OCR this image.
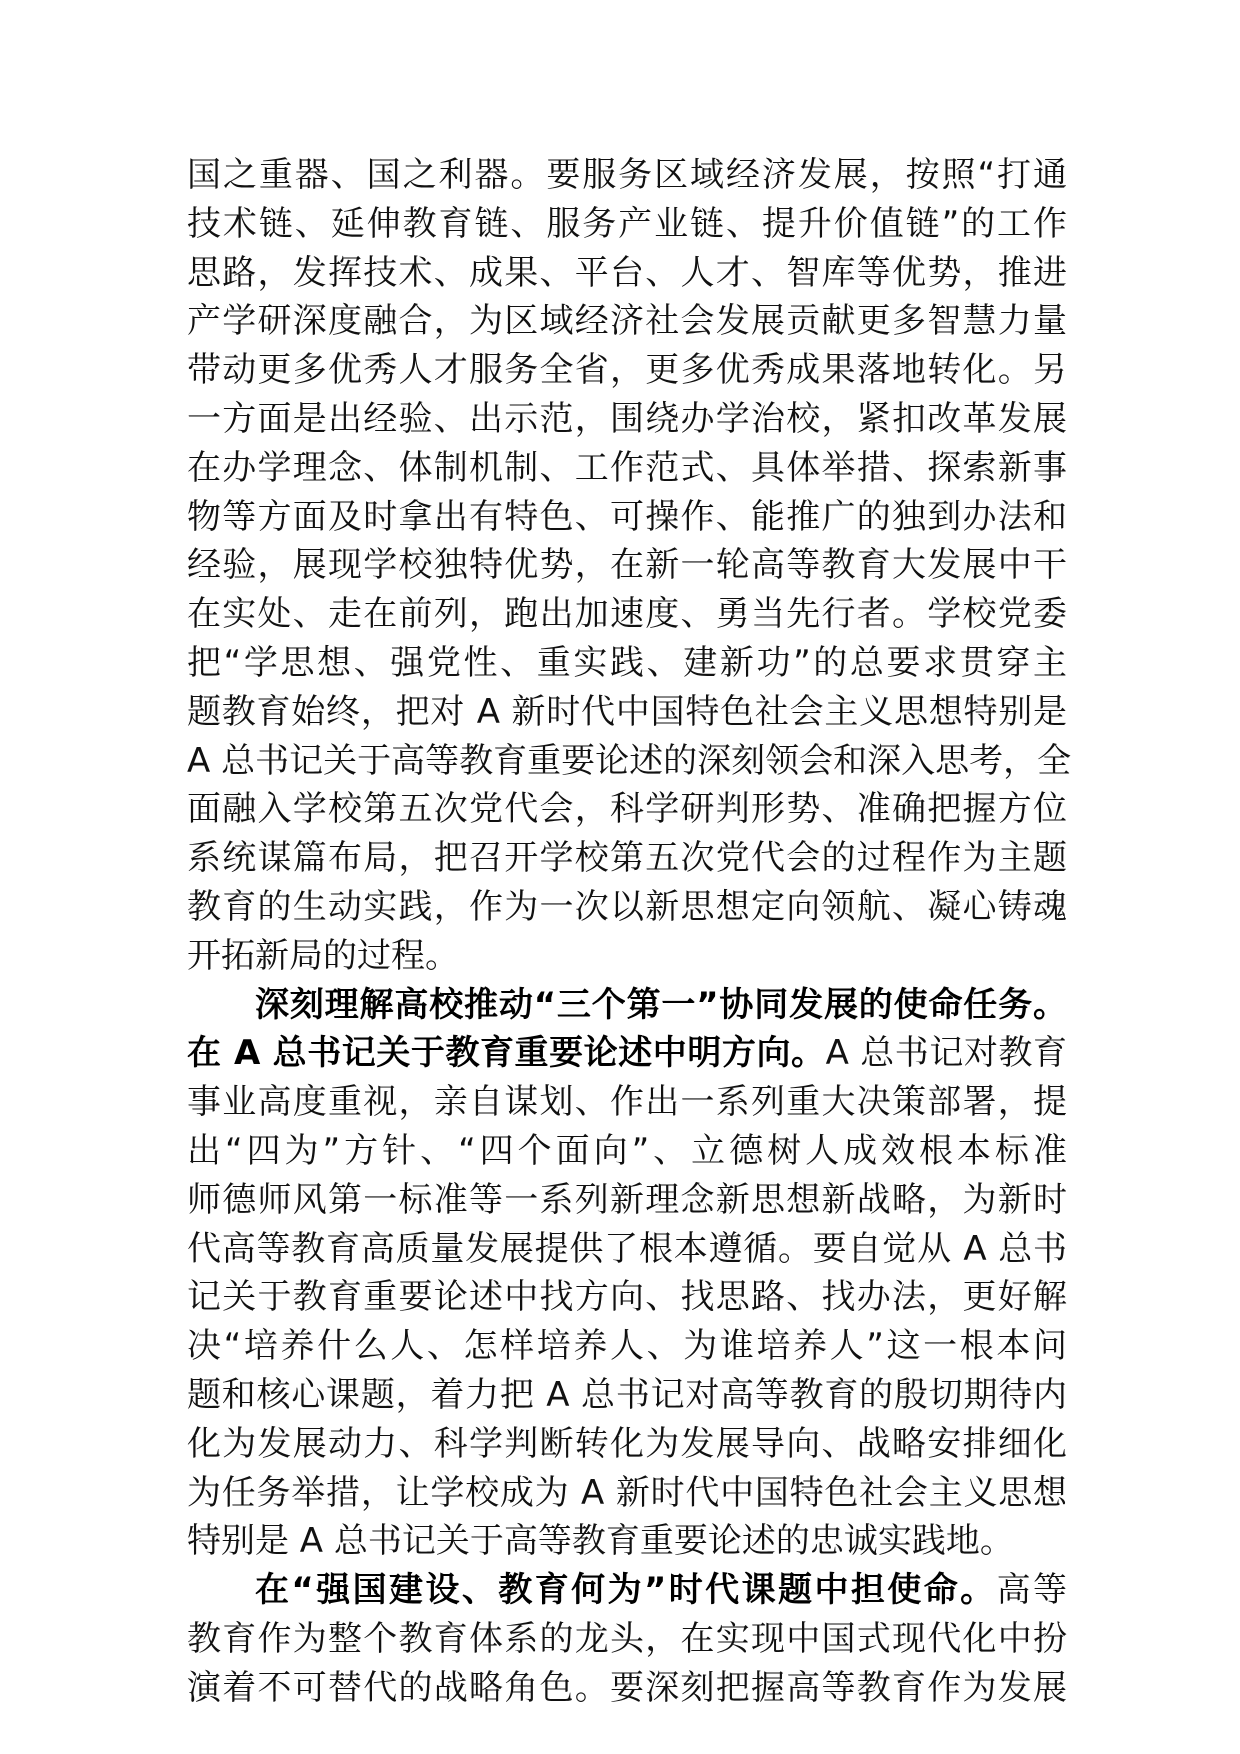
国之重器、国之利器。要服务区域经济发展，按照“打通
技术链、延伸教育链、服务产业链、提升价值链”的工作
思路，发挥技术、成果、平台、人才、智库等优势，推进
产学研深度融合，为区域经济社会发展贡献更多智慧力量
带动更多优秀人才服务全省，更多优秀成果落地转化。另
一方面是出经验、出示范，围绕办学治校，紧扣改革发展
在办学理念、体制机制、工作范式、具体举措、探索新事
物等方面及时拿出有特色、可操作、能推广的独到办法和
经验，展现学校独特优势，在新一轮高等教育大发展中干
在实处、走在前列，跑出加速度、勇当先行者。学校党委
把“学思想、强党性、重实践、建新功”的总要求贯穿主
题教育始终，把对 A 新时代中国特色社会主义思想特别是
A 总书记关于高等教育重要论述的深刻领会和深入思考，全
面融入学校第五次党代会，科学研判形势、准确把握方位
系统谋篇布局，把召开学校第五次党代会的过程作为主题
教育的生动实践，作为一次以新思想定向领航、凝心铸魂
开拓新局的过程。
深刻理解高校推动“三个第一”协同发展的使命任务。
在 A 总书记关于教育重要论述中明方向。A 总书记对教育
事业高度重视，亲自谋划、作出一系列重大决策部署，提
出“四为”方针、“四个面向”、立德树人成效根本标准
师德师风第一标准等一系列新理念新思想新战略，为新时
代高等教育高质量发展提供了根本遵循。要自觉从 A 总书
记关于教育重要论述中找方向、找思路、找办法，更好解
决“培养什么人、怎样培养人、为谁培养人”这一根本问
题和核心课题，着力把 A 总书记对高等教育的殷切期待内
化为发展动力、科学判断转化为发展导向、战略安排细化
为任务举措，让学校成为 A 新时代中国特色社会主义思想
特别是 A 总书记关于高等教育重要论述的忠诚实践地。
在“强国建设、教育何为”时代课题中担使命。高等
教育作为整个教育体系的龙头，在实现中国式现代化中扮
演着不可替代的战略角色。要深刻把握高等教育作为发展
